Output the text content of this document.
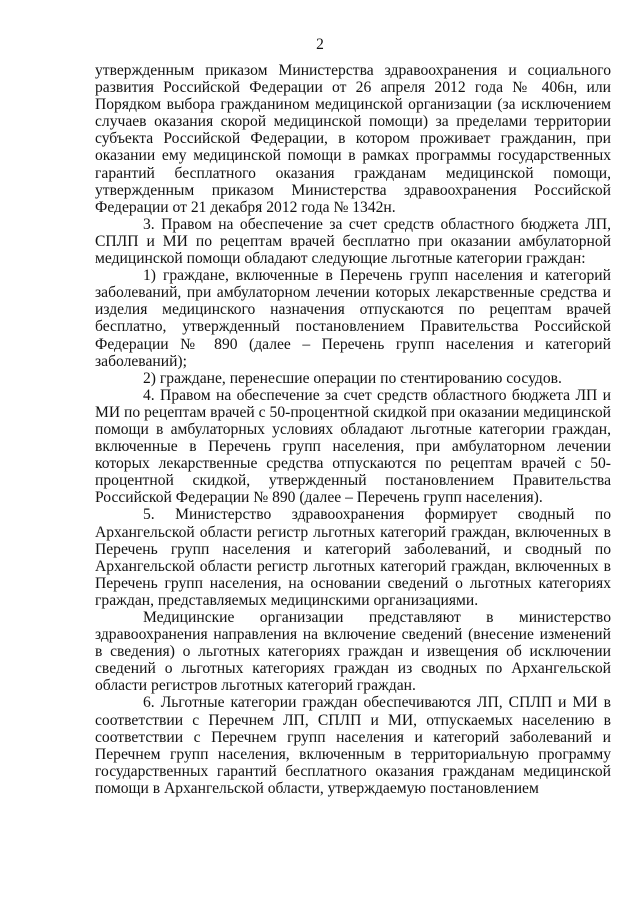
2

утвержденным приказом Министерства здравоохранения и социального развития Российской Федерации от 26 апреля 2012 года № 406н, или Порядком выбора гражданином медицинской организации (за исключением случаев оказания скорой медицинской помощи) за пределами территории субъекта Российской Федерации, в котором проживает гражданин, при оказании ему медицинской помощи в рамках программы государственных гарантий бесплатного оказания гражданам медицинской помощи, утвержденным приказом Министерства здравоохранения Российской Федерации от 21 декабря 2012 года № 1342н.

3. Правом на обеспечение за счет средств областного бюджета ЛП, СПЛП и МИ по рецептам врачей бесплатно при оказании амбулаторной медицинской помощи обладают следующие льготные категории граждан:

1) граждане, включенные в Перечень групп населения и категорий заболеваний, при амбулаторном лечении которых лекарственные средства и изделия медицинского назначения отпускаются по рецептам врачей бесплатно, утвержденный постановлением Правительства Российской Федерации № 890 (далее – Перечень групп населения и категорий заболеваний);

2) граждане, перенесшие операции по стентированию сосудов.

4. Правом на обеспечение за счет средств областного бюджета ЛП и МИ по рецептам врачей с 50-процентной скидкой при оказании медицинской помощи в амбулаторных условиях обладают льготные категории граждан, включенные в Перечень групп населения, при амбулаторном лечении которых лекарственные средства отпускаются по рецептам врачей с 50-процентной скидкой, утвержденный постановлением Правительства Российской Федерации № 890 (далее – Перечень групп населения).

5. Министерство здравоохранения формирует сводный по Архангельской области регистр льготных категорий граждан, включенных в Перечень групп населения и категорий заболеваний, и сводный по Архангельской области регистр льготных категорий граждан, включенных в Перечень групп населения, на основании сведений о льготных категориях граждан, представляемых медицинскими организациями.

Медицинские организации представляют в министерство здравоохранения направления на включение сведений (внесение изменений в сведения) о льготных категориях граждан и извещения об исключении сведений о льготных категориях граждан из сводных по Архангельской области регистров льготных категорий граждан.

6. Льготные категории граждан обеспечиваются ЛП, СПЛП и МИ в соответствии с Перечнем ЛП, СПЛП и МИ, отпускаемых населению в соответствии с Перечнем групп населения и категорий заболеваний и Перечнем групп населения, включенным в территориальную программу государственных гарантий бесплатного оказания гражданам медицинской помощи в Архангельской области, утверждаемую постановлением
